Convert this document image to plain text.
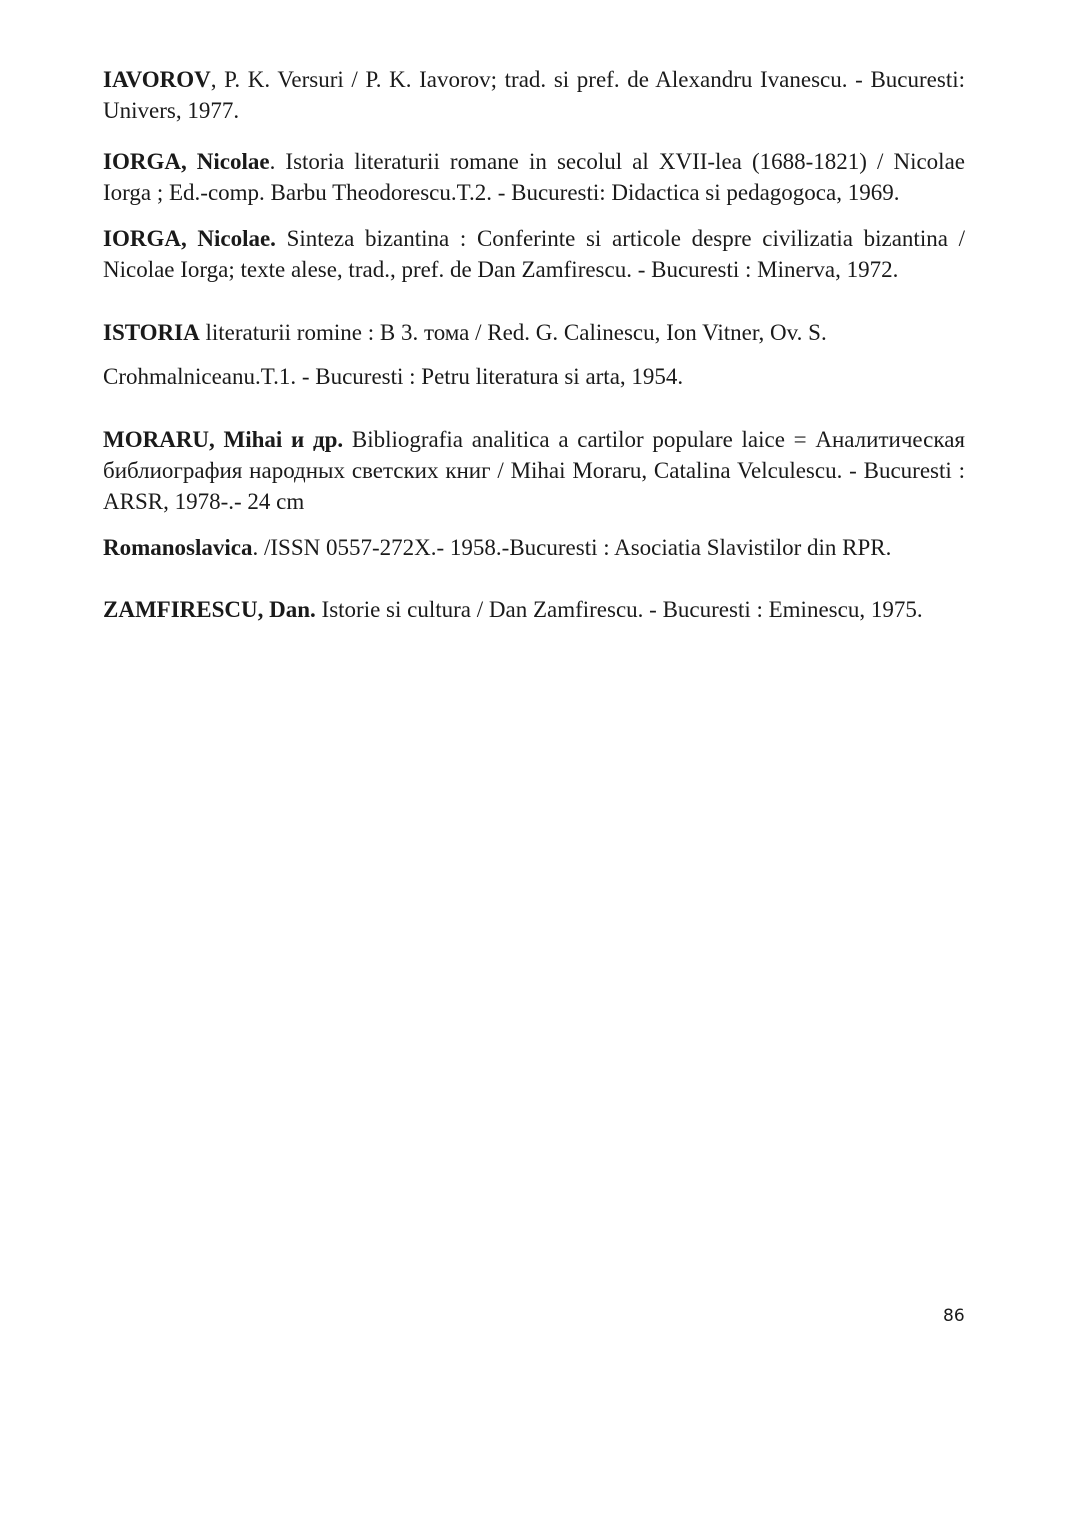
IAVOROV, P. K. Versuri / P. K. Iavorov; trad. si pref. de Alexandru Ivanescu. - Bucuresti: Univers, 1977.

IORGA, Nicolae. Istoria literaturii romane in secolul al XVII-lea (1688-1821) / Nicolae Iorga ; Ed.-comp. Barbu Theodorescu.T.2. - Bucuresti: Didactica si pedagogoca, 1969.

IORGA, Nicolae. Sinteza bizantina : Conferinte si articole despre civilizatia bizantina / Nicolae Iorga; texte alese, trad., pref. de Dan Zamfirescu. - Bucuresti : Minerva, 1972.

ISTORIA literaturii romine : В 3. тома / Red. G. Calinescu, Ion Vitner, Ov. S.
Crohmalniceanu.T.1. - Bucuresti : Petru literatura si arta, 1954.

MORARU, Mihai и др. Bibliografia analitica a cartilor populare laice = Аналитическая библиография народных светских книг / Mihai Moraru, Catalina Velculescu. - Bucuresti : ARSR, 1978-.- 24 cm

Romanoslavica. /ISSN 0557-272X.- 1958.-Bucuresti : Asociatia Slavistilor din RPR.

ZAMFIRESCU, Dan. Istorie si cultura / Dan Zamfirescu. - Bucuresti : Eminescu, 1975.

86
